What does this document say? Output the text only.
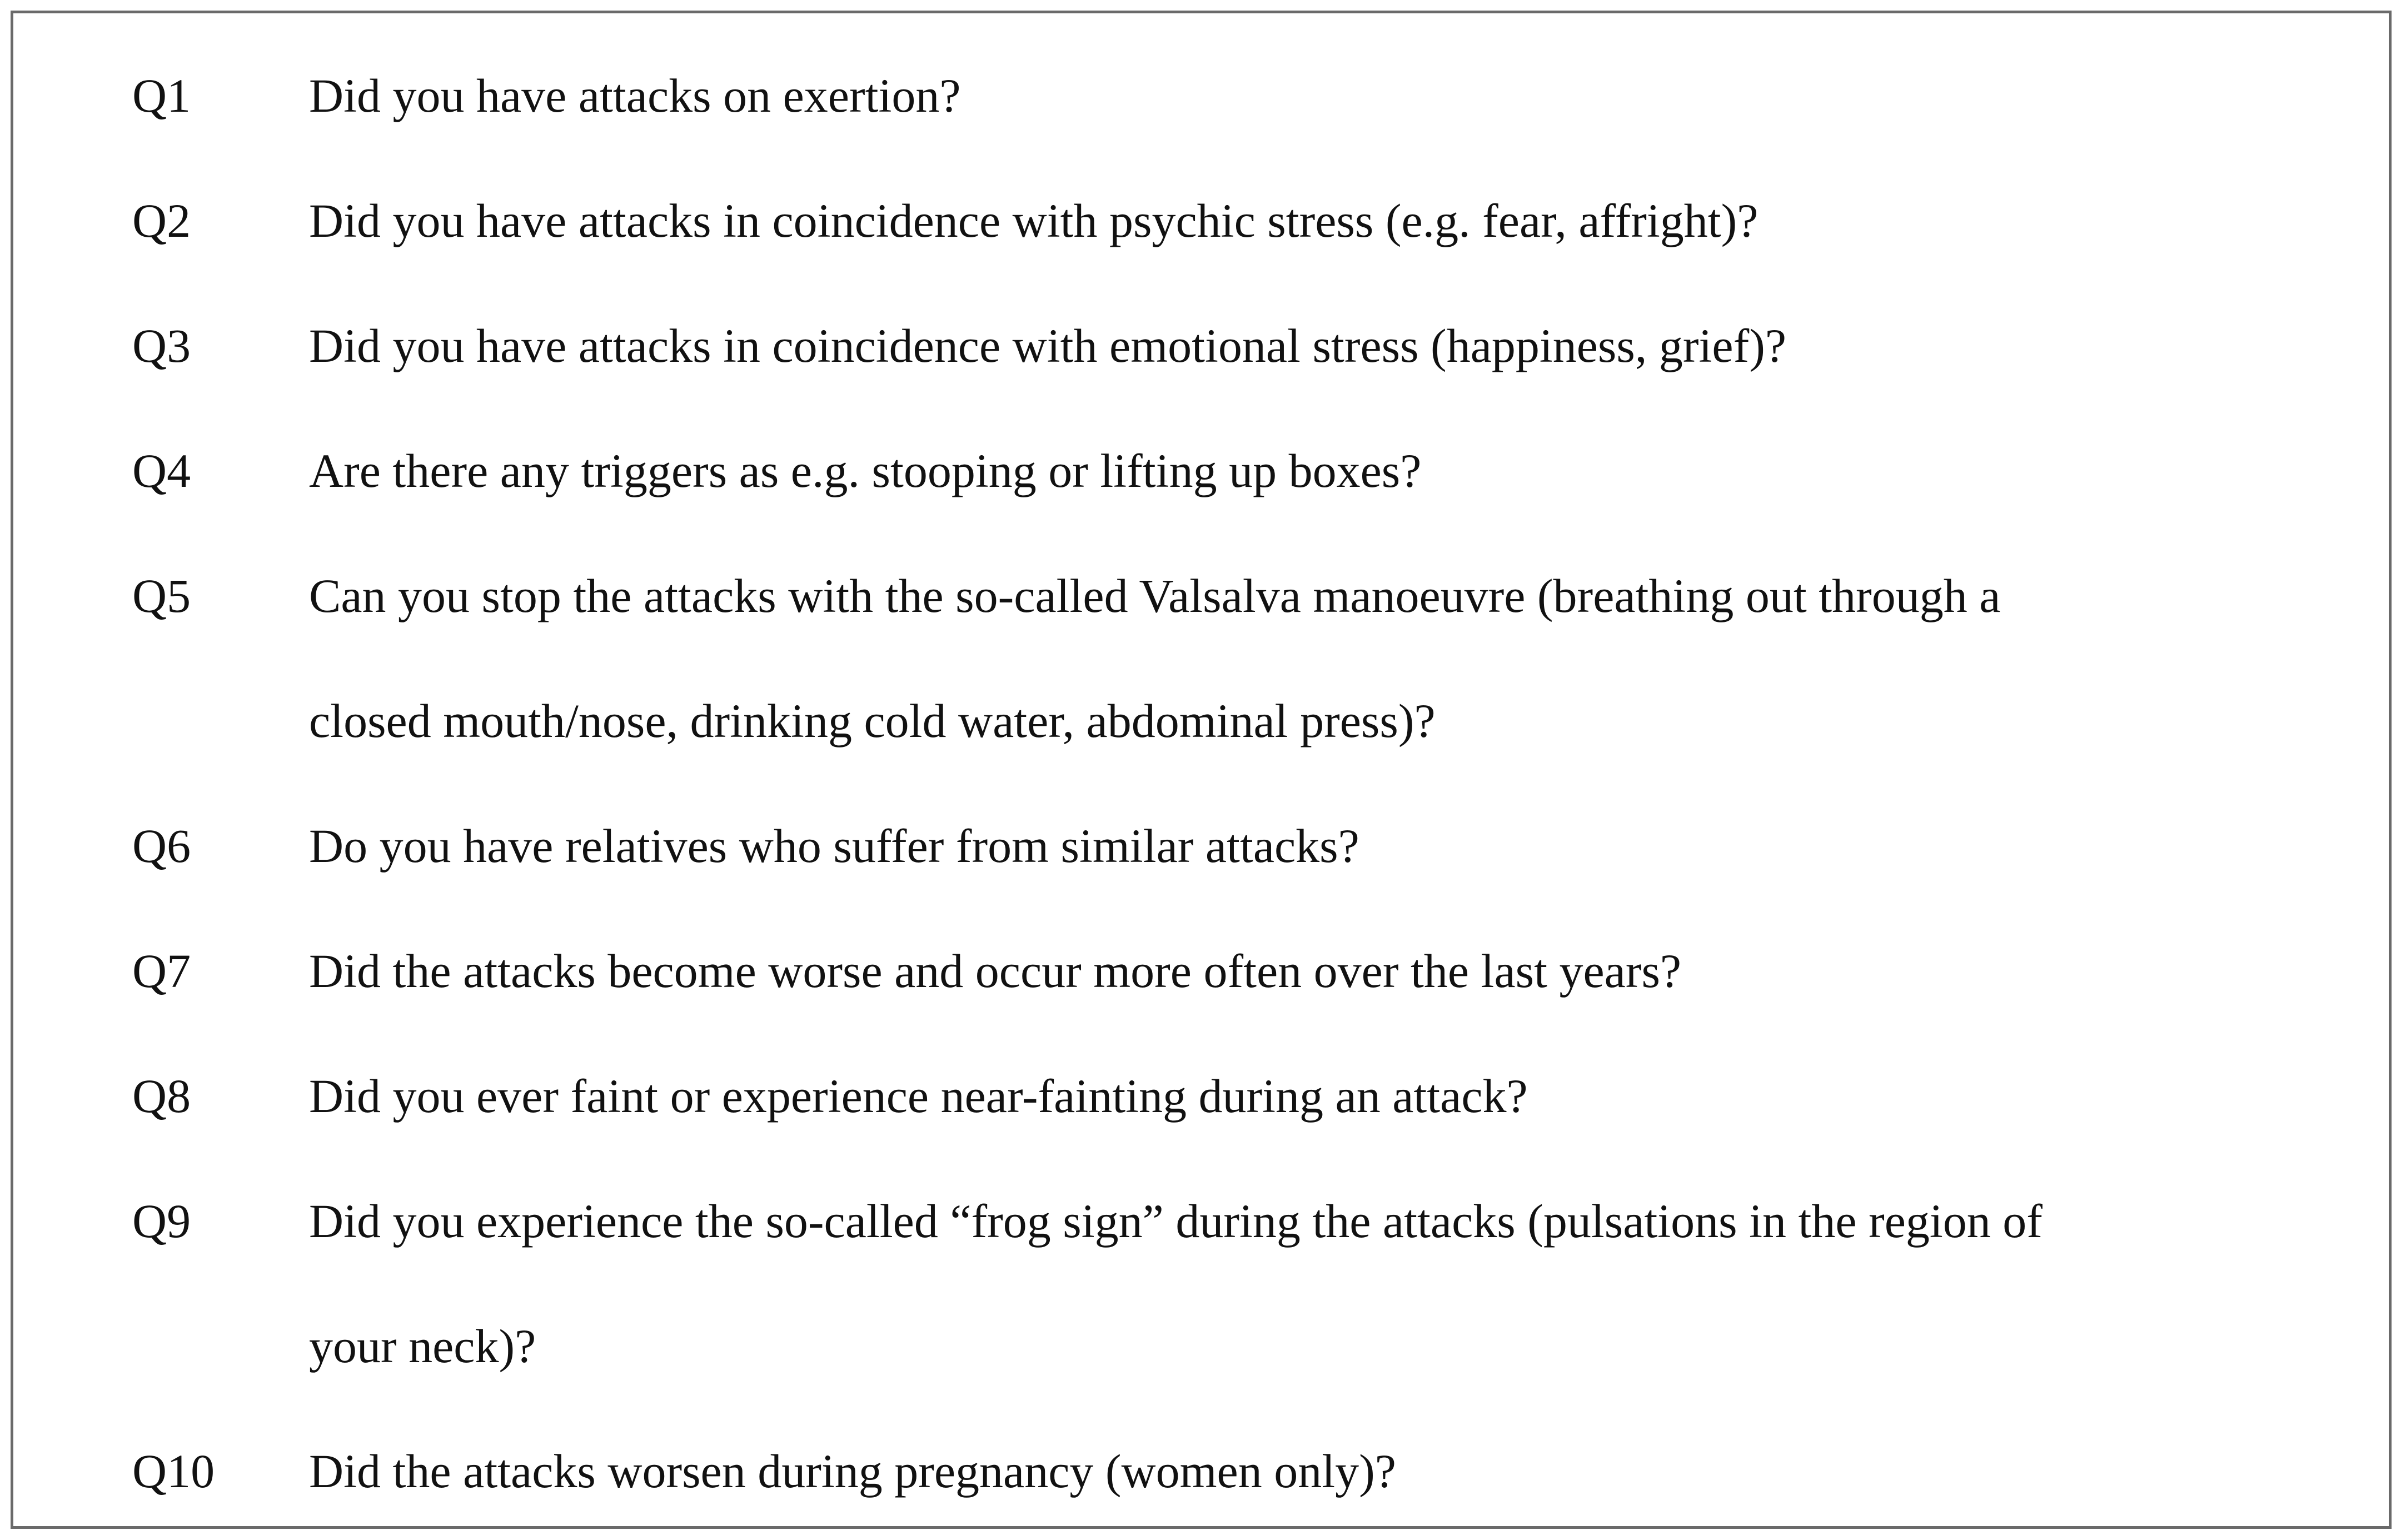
Q1 Did you have attacks on exertion?
Q2 Did you have attacks in coincidence with psychic stress (e.g. fear, affright)?
Q3 Did you have attacks in coincidence with emotional stress (happiness, grief)?
Q4 Are there any triggers as e.g. stooping or lifting up boxes?
Q5 Can you stop the attacks with the so-called Valsalva manoeuvre (breathing out through a
closed mouth/nose, drinking cold water, abdominal press)?
Q6 Do you have relatives who suffer from similar attacks?
Q7 Did the attacks become worse and occur more often over the last years?
Q8 Did you ever faint or experience near-fainting during an attack?
Q9 Did you experience the so-called “frog sign” during the attacks (pulsations in the region of
your neck)?
Q10 Did the attacks worsen during pregnancy (women only)?
